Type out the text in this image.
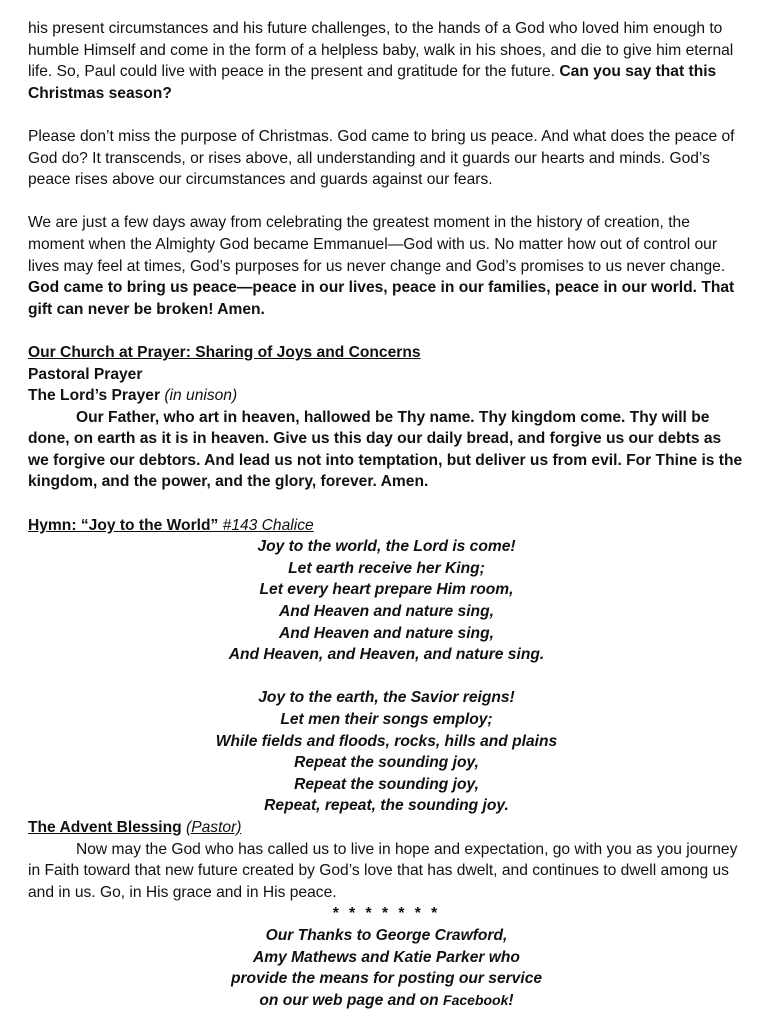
his present circumstances and his future challenges, to the hands of a God who loved him enough to humble Himself and come in the form of a helpless baby, walk in his shoes, and die to give him eternal life. So, Paul could live with peace in the present and gratitude for the future. Can you say that this Christmas season?

Please don’t miss the purpose of Christmas. God came to bring us peace. And what does the peace of God do? It transcends, or rises above, all understanding and it guards our hearts and minds. God’s peace rises above our circumstances and guards against our fears.

We are just a few days away from celebrating the greatest moment in the history of creation, the moment when the Almighty God became Emmanuel—God with us. No matter how out of control our lives may feel at times, God’s purposes for us never change and God’s promises to us never change. God came to bring us peace—peace in our lives, peace in our families, peace in our world. That gift can never be broken! Amen.

Our Church at Prayer: Sharing of Joys and Concerns

Pastoral Prayer

The Lord’s Prayer (in unison)

Our Father, who art in heaven, hallowed be Thy name. Thy kingdom come. Thy will be done, on earth as it is in heaven. Give us this day our daily bread, and forgive us our debts as we forgive our debtors. And lead us not into temptation, but deliver us from evil. For Thine is the kingdom, and the power, and the glory, forever. Amen.

Hymn: “Joy to the World” #143 Chalice

Joy to the world, the Lord is come!

Let earth receive her King;

Let every heart prepare Him room,

And Heaven and nature sing,

And Heaven and nature sing,

And Heaven, and Heaven, and nature sing.

Joy to the earth, the Savior reigns!

Let men their songs employ;

While fields and floods, rocks, hills and plains

Repeat the sounding joy,

Repeat the sounding joy,

Repeat, repeat, the sounding joy.

The Advent Blessing (Pastor)

Now may the God who has called us to live in hope and expectation, go with you as you journey in Faith toward that new future created by God’s love that has dwelt, and continues to dwell among us and in us. Go, in His grace and in His peace.

* * * * * * *

Our Thanks to George Crawford,

Amy Mathews and Katie Parker who

provide the means for posting our service

on our web page and on Facebook!
